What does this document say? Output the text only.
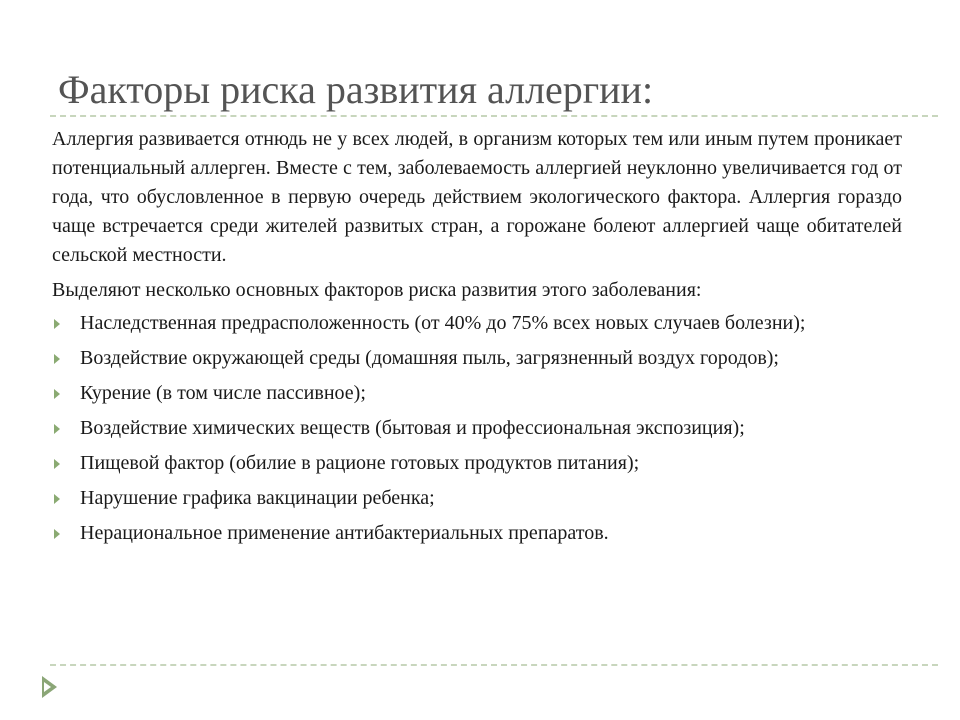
Факторы риска развития аллергии:

Аллергия развивается отнюдь не у всех людей, в организм которых тем или иным путем проникает потенциальный аллерген. Вместе с тем, заболеваемость аллергией неуклонно увеличивается год от года, что обусловленное в первую очередь действием экологического фактора. Аллергия гораздо чаще встречается среди жителей развитых стран, а горожане болеют аллергией чаще обитателей сельской местности.

Выделяют несколько основных факторов риска развития этого заболевания:

Наследственная предрасположенность (от 40% до 75% всех новых случаев болезни);
Воздействие окружающей среды (домашняя пыль, загрязненный воздух городов);
Курение (в том числе пассивное);
Воздействие химических веществ (бытовая и профессиональная экспозиция);
Пищевой фактор (обилие в рационе готовых продуктов питания);
Нарушение графика вакцинации ребенка;
Нерациональное применение антибактериальных препаратов.
